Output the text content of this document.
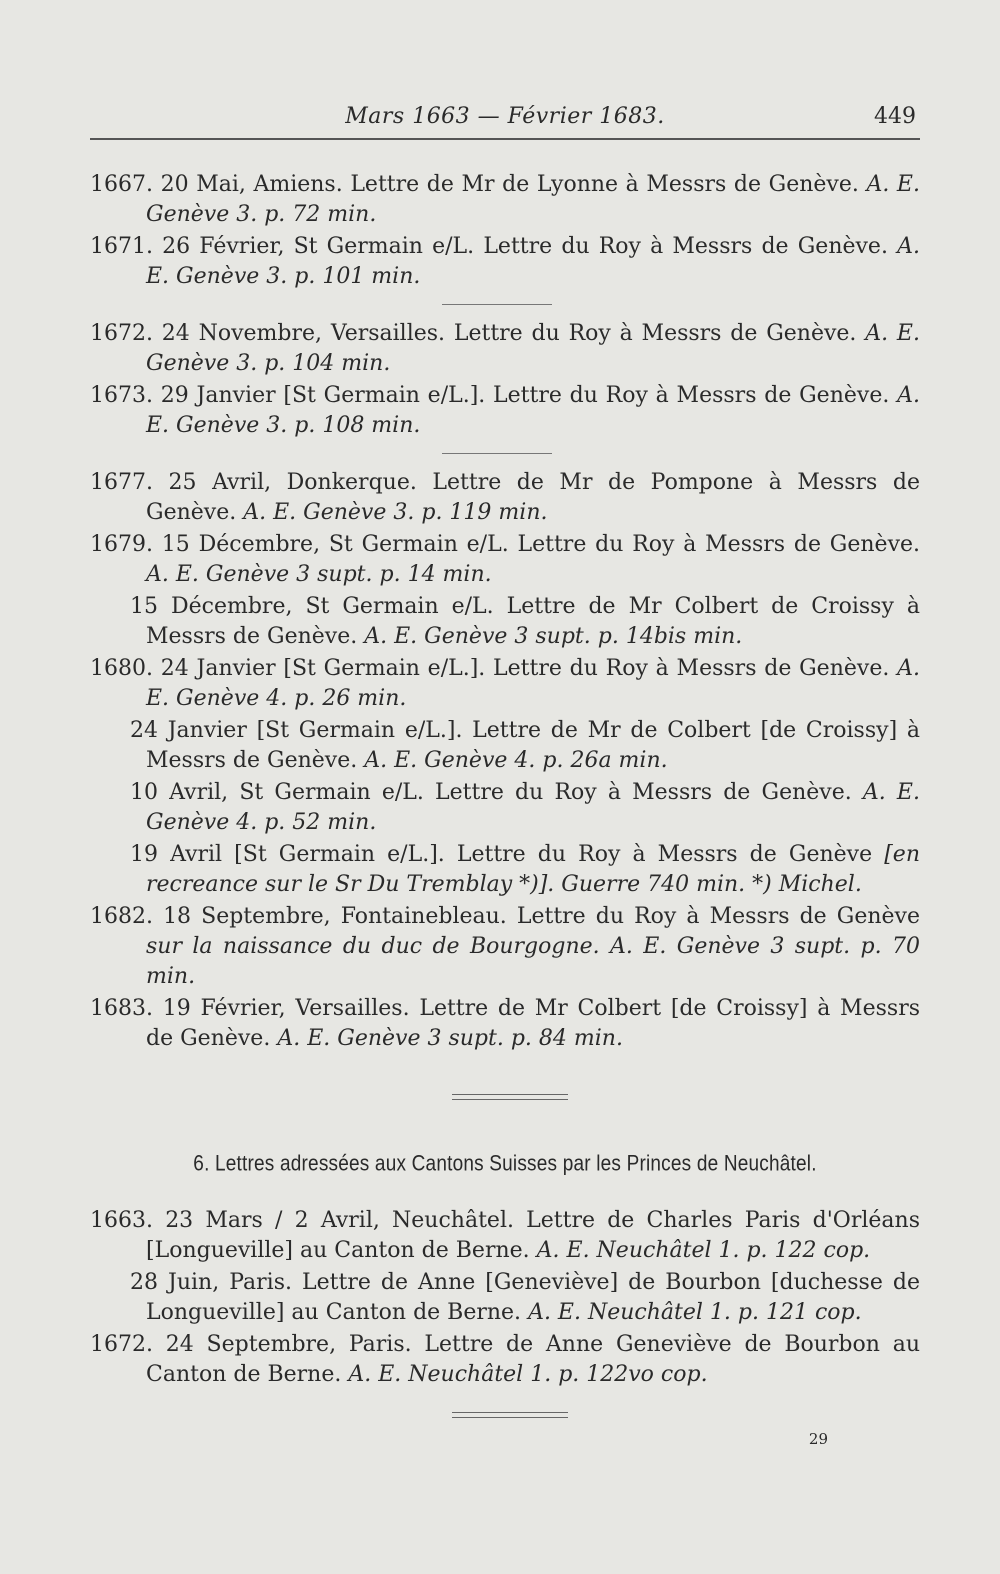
Mars 1663 — Février 1683.	449

1667. 20 Mai, Amiens. Lettre de Mr de Lyonne à Messrs de Genève. A. E. Genève 3. p. 72 min.

1671. 26 Février, St Germain e/L. Lettre du Roy à Messrs de Genève. A. E. Genève 3. p. 101 min.

1672. 24 Novembre, Versailles. Lettre du Roy à Messrs de Genève. A. E. Genève 3. p. 104 min.

1673. 29 Janvier [St Germain e/L.]. Lettre du Roy à Messrs de Genève. A. E. Genève 3. p. 108 min.

1677. 25 Avril, Donkerque. Lettre de Mr de Pompone à Messrs de Genève. A. E. Genève 3. p. 119 min.

1679. 15 Décembre, St Germain e/L. Lettre du Roy à Messrs de Genève. A. E. Genève 3 supt. p. 14 min.

15 Décembre, St Germain e/L. Lettre de Mr Colbert de Croissy à Messrs de Genève. A. E. Genève 3 supt. p. 14bis min.

1680. 24 Janvier [St Germain e/L.]. Lettre du Roy à Messrs de Genève. A. E. Genève 4. p. 26 min.

24 Janvier [St Germain e/L.]. Lettre de Mr de Colbert [de Croissy] à Messrs de Genève. A. E. Genève 4. p. 26a min.

10 Avril, St Germain e/L. Lettre du Roy à Messrs de Genève. A. E. Genève 4. p. 52 min.

19 Avril [St Germain e/L.]. Lettre du Roy à Messrs de Genève [en recreance sur le Sr Du Tremblay *)]. Guerre 740 min. *) Michel.

1682. 18 Septembre, Fontainebleau. Lettre du Roy à Messrs de Genève sur la naissance du duc de Bourgogne. A. E. Genève 3 supt. p. 70 min.

1683. 19 Février, Versailles. Lettre de Mr Colbert [de Croissy] à Messrs de Genève. A. E. Genève 3 supt. p. 84 min.

6. Lettres adressées aux Cantons Suisses par les Princes de Neuchâtel.

1663. 23 Mars / 2 Avril, Neuchâtel. Lettre de Charles Paris d'Orléans [Longueville] au Canton de Berne. A. E. Neuchâtel 1. p. 122 cop.

28 Juin, Paris. Lettre de Anne [Geneviève] de Bourbon [duchesse de Longueville] au Canton de Berne. A. E. Neuchâtel 1. p. 121 cop.

1672. 24 Septembre, Paris. Lettre de Anne Geneviève de Bourbon au Canton de Berne. A. E. Neuchâtel 1. p. 122vo cop.

29
